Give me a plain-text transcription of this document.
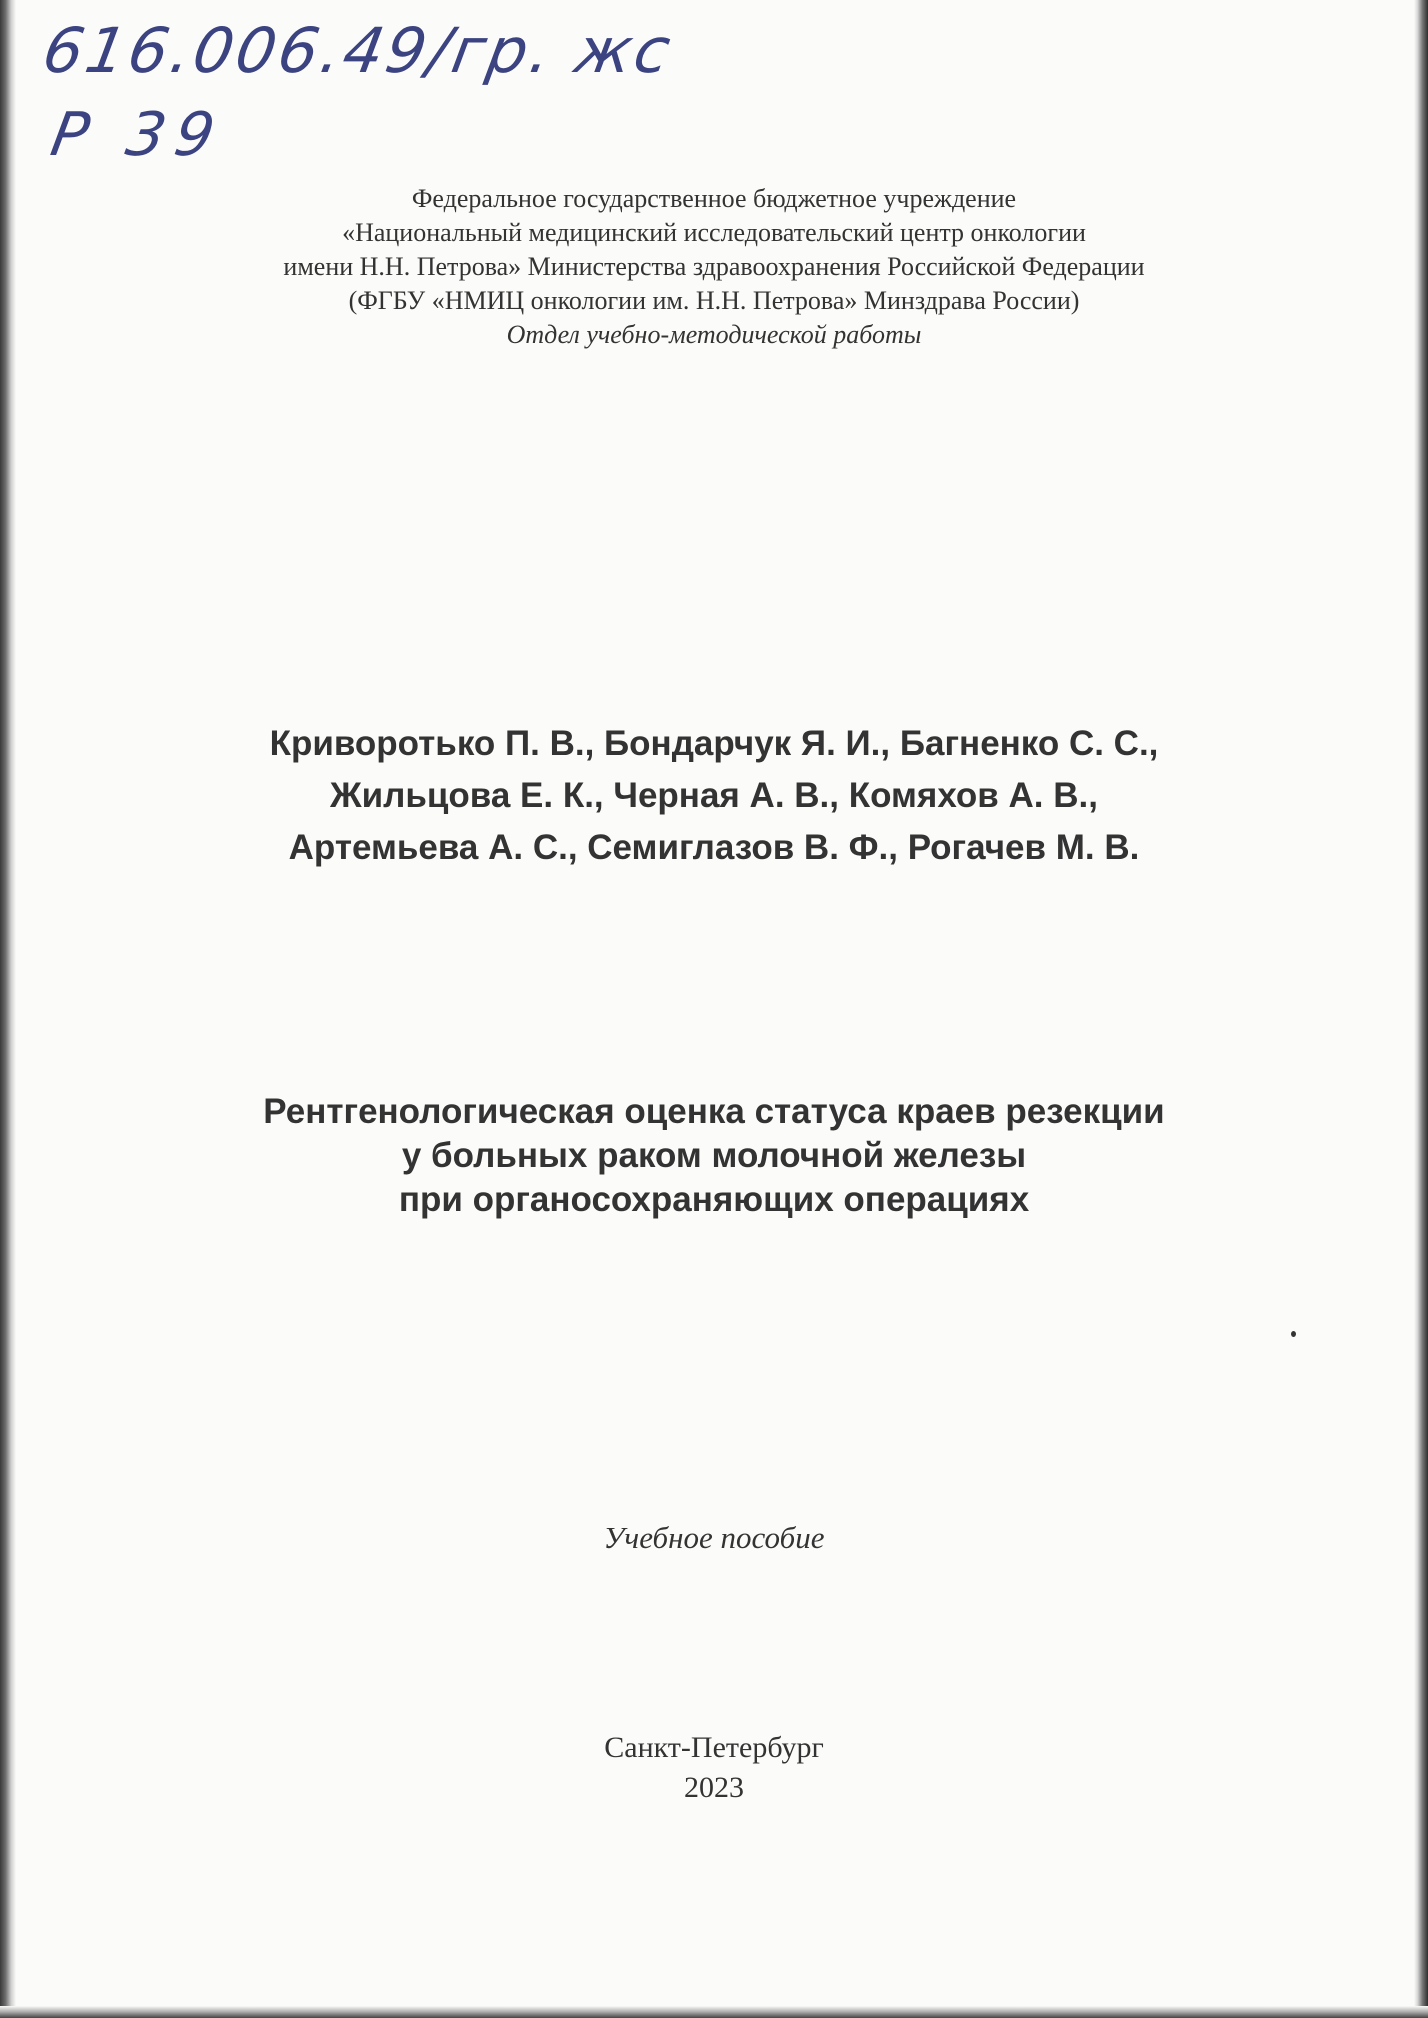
616.006.49/гр. жс
Р 39
Федеральное государственное бюджетное учреждение
«Национальный медицинский исследовательский центр онкологии
имени Н.Н. Петрова» Министерства здравоохранения Российской Федерации
(ФГБУ «НМИЦ онкологии им. Н.Н. Петрова» Минздрава России)
Отдел учебно-методической работы
Криворотько П. В., Бондарчук Я. И., Багненко С. С.,
Жильцова Е. К., Черная А. В., Комяхов А. В.,
Артемьева А. С., Семиглазов В. Ф., Рогачев М. В.
Рентгенологическая оценка статуса краев резекции
у больных раком молочной железы
при органосохраняющих операциях
Учебное пособие
Санкт-Петербург
2023
